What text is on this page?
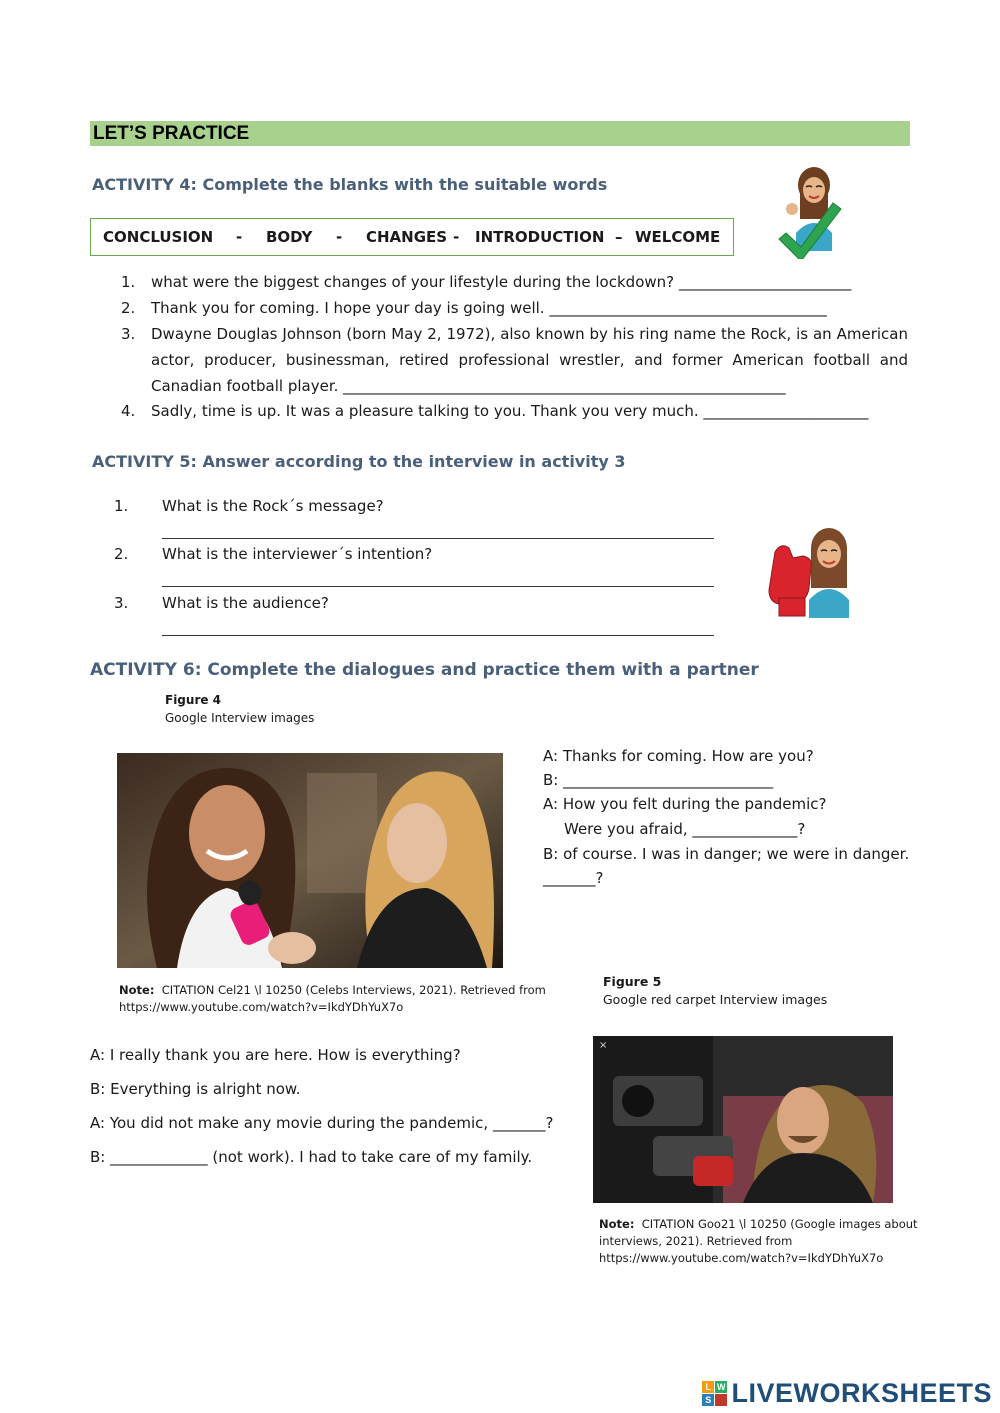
LET’S PRACTICE
ACTIVITY 4: Complete the blanks with the suitable words
CONCLUSION	-	BODY	-	CHANGES -	INTRODUCTION – WELCOME
1. what were the biggest changes of your lifestyle during the lockdown? _______________________
2. Thank you for coming. I hope your day is going well. _____________________________________
3. Dwayne Douglas Johnson (born May 2, 1972), also known by his ring name the Rock, is an American
actor, producer, businessman, retired professional wrestler, and former American football and
Canadian football player. ___________________________________________________________
4. Sadly, time is up. It was a pleasure talking to you. Thank you very much. ______________________
ACTIVITY 5: Answer according to the interview in activity 3
1. What is the Rock´s message?
2. What is the interviewer´s intention?
3. What is the audience?
ACTIVITY 6: Complete the dialogues and practice them with a partner
Figure 4
Google Interview images
Note: CITATION Cel21 \l 10250 (Celebs Interviews, 2021). Retrieved from
https://www.youtube.com/watch?v=IkdYDhYuX7o
A: Thanks for coming. How are you?
B: ____________________________
A: How you felt during the pandemic?
Were you afraid, ______________?
B: of course. I was in danger; we were in danger.
_______?
Figure 5
Google red carpet Interview images
A: I really thank you are here. How is everything?
B: Everything is alright now.
A: You did not make any movie during the pandemic, _______?
B: _____________ (not work). I had to take care of my family.
×
Note: CITATION Goo21 \l 10250 (Google images about
interviews, 2021). Retrieved from
https://www.youtube.com/watch?v=IkdYDhYuX7o
L W
S LIVEWORKSHEETS
